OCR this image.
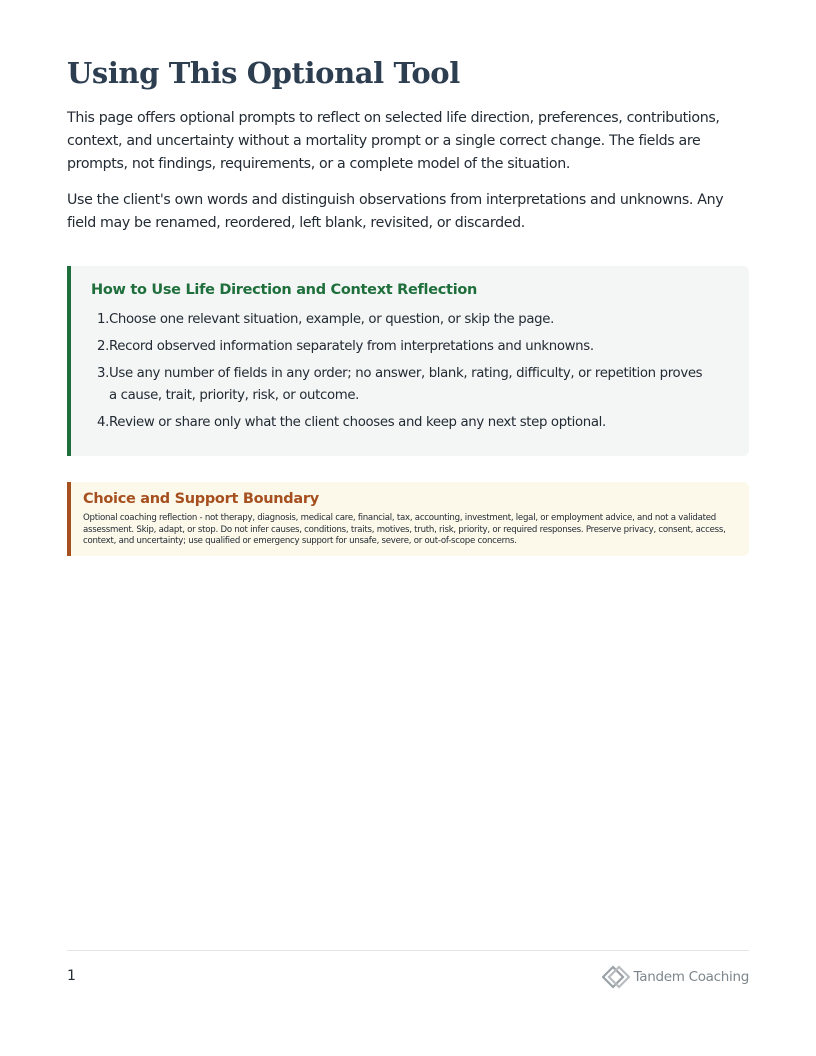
Using This Optional Tool

This page offers optional prompts to reflect on selected life direction, preferences, contributions, context, and uncertainty without a mortality prompt or a single correct change. The fields are prompts, not findings, requirements, or a complete model of the situation.

Use the client's own words and distinguish observations from interpretations and unknowns. Any field may be renamed, reordered, left blank, revisited, or discarded.

How to Use Life Direction and Context Reflection
1. Choose one relevant situation, example, or question, or skip the page.
2. Record observed information separately from interpretations and unknowns.
3. Use any number of fields in any order; no answer, blank, rating, difficulty, or repetition proves a cause, trait, priority, risk, or outcome.
4. Review or share only what the client chooses and keep any next step optional.
Choice and Support Boundary

Optional coaching reflection - not therapy, diagnosis, medical care, financial, tax, accounting, investment, legal, or employment advice, and not a validated assessment. Skip, adapt, or stop. Do not infer causes, conditions, traits, motives, truth, risk, priority, or required responses. Preserve privacy, consent, access, context, and uncertainty; use qualified or emergency support for unsafe, severe, or out-of-scope concerns.

1	Tandem Coaching
